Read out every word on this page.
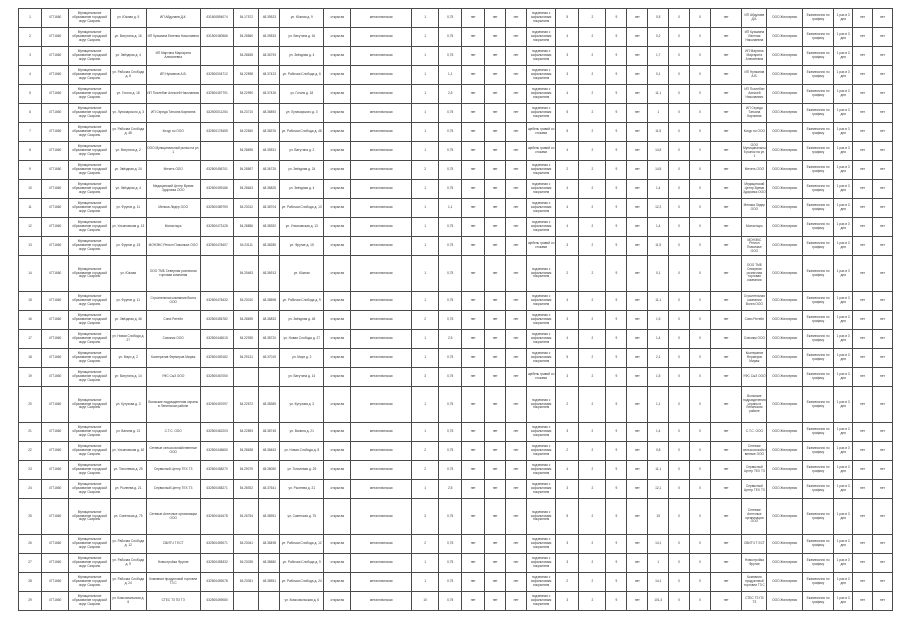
1	4771660	Муниципальное образование городской округ Сызрань	ул. Южная д. 9	ИП Абдулаев Д.К.	631600894074	54.17572	48.39523	ул. Южная д. 9	открытая	металлическая	1	0,75	нет	нет	нет	подземная с асфальтовым покрытием	5	2	9	нет	0,5	0	0	нет	ИП Абдулаев Д.К.	ООО Жилсервис	Ежемесячно по графику	1 раз в 3 дня	нет	нет
2	4771660	Муниципальное образование городской округ Сызрань	ул. Ватутина д. 16	ИП Кузьмина Евгения Николаевна	631500480566	54.28560	48.39533	ул. Ватутина д. 16	открытая	металлическая	1	0,75	нет	нет	нет	подземная с асфальтовым покрытием	4	2	9	нет	0,2	0	0	нет	ИП Кузьмина Евгения Николаевна	ООО Жилсервис	Ежемесячно по графику	1 раз в 3 дня	нет	нет
3	4771660	Муниципальное образование городской округ Сызрань	ул. Звёздная д. 4	ИП Мартина Маргарита Алексеевна		54.28635	48.36793	ул. Звёздная д. 4	открытая	металлическая	1	0,75	нет	нет	нет	подземная с асфальтовым покрытием	3	2	9	нет	1,7	0	0	нет	ИП Мартина Маргарита Алексеевна	ООО Жилсервис	Ежемесячно по графику	1 раз в 3 дня	нет	нет
4	4771660	Муниципальное образование городской округ Сызрань	ул. Рабочая Слобода д. 6	ИП Нугманов А.В.	632500004712	54.22598	48.37423	ул. Рабочая Слобода д. 6	открытая	металлическая	1	1,1	нет	нет	нет	подземная с асфальтовым покрытием	3	2	9	нет	0,1	0	0	нет	ИП Нугманов А.В.	ООО Жилсервис	Ежемесячно по графику	1 раз в 3 дня	нет	нет
5	4771660	Муниципальное образование городской округ Сызрань	ул. Гоголя д. 18	ИП Похлебин Алексей Николаевич	632500457791	54.22990	48.37426	ул. Гоголя д. 18	открытая	металлическая	1	2,5	нет	нет	нет	подземная с асфальтовым покрытием	4	2	9	нет	11,1	0	0	нет	ИП Похлебин Алексей Николаевич	ООО Жилсервис	Ежемесячно по графику	1 раз в 3 дня	нет	нет
6	4771660	Муниципальное образование городской округ Сызрань	ул. Луначарского д. 3	ИП Середа Татьяна Карповна	632500011254	54.23710	48.36893	ул. Луначарского д. 3	открытая	металлическая	1	0,75	нет	нет	нет	подземная с асфальтовым покрытием	5	2	9	нет	1	0	0	нет	ИП Середа Татьяна Карповна	ООО Жилсервис	Ежемесячно по графику	1 раз в 3 дня	нет	нет
7	4771660	Муниципальное образование городской округ Сызрань	ул. Рабочая Слобода д. 48	Кочур по ООО	632500178455	54.22840	48.38376	ул. Рабочая Слобода д. 48	открытая	металлическая	1	0,75	нет	нет	нет	щебень гравий со стоками	5	2	9	нет	11,5	0	0	нет	Кочур по ООО	ООО Жилсервис	Ежемесячно по графику	1 раз в 3 дня	нет	нет
8	4771660	Муниципальное образование городской округ Сызрань	ул. Ватутина д. 2	ООО Муниципальный рынок на ул. 1		54.28695	48.39531	ул. Ватутина д. 2	открытая	металлическая	1	0,75	нет	нет	нет	щебень гравий со стоками	4	2	9	нет	14,5	0	0	нет	ООО Муниципальный рынок на ул. 1	ООО Жилсервис	Ежемесячно по графику	1 раз в 3 дня	нет	нет
9	4771660	Муниципальное образование городской округ Сызрань	ул. Звёздная д. 24	Мечеть ООО	632500456701	54.28697	48.36725	ул. Звёздная д. 24	открытая	металлическая	2	0,75	нет	нет	нет	подземная с асфальтовым покрытием	2	2	9	нет	14,5	0	0	нет	Мечеть ООО	ООО Жилсервис	Ежемесячно по графику	1 раз в 3 дня	нет	нет
10	4771660	Муниципальное образование городской округ Сызрань	ул. Звёздная д. 4	Медицинский Центр Время Здоровья ООО	632500459186	54.28643	48.36825	ул. Звёздная д. 4	открытая	металлическая	1	0,75	нет	нет	нет	подземная с асфальтовым покрытием	4	2	9	нет	1,4	0	0	нет	Медицинский Центр Время Здоровья ООО	ООО Жилсервис	Ежемесячно по графику	1 раз в 3 дня	нет	нет
11	4771660	Муниципальное образование городской округ Сызрань	ул. Фрунзе д. 11	Мелика Лидер ООО	632500489759	54.23012	48.38704	ул. Рабочая Слобода д. 13	открытая	металлическая	1	1,1	нет	нет	нет	подземная с асфальтовым покрытием	4	2	9	нет	12,2	0	0	нет	Мелика Лидер ООО	ООО Жилсервис	Ежемесячно по графику	1 раз в 3 дня	нет	нет
12	4771660	Муниципальное образование городской округ Сызрань	ул. Ульяновская д. 13	Монастырь	632500473128	54.28856	48.38392	ул. Ульяновская д. 13	открытая	металлическая	1	0,75	нет	нет	нет	подземная с асфальтовым покрытием	4	2	9	нет	1,4	0	0	нет	Монастырь	ООО Жилсервис	Ежемесячно по графику	1 раз в 3 дня	нет	нет
13	4771660	Муниципальное образование городской округ Сызрань	ул. Фрунзе д. 15	МОНЭКС Регион Поволжье ООО	632500478407	54.23111	48.38285	ул. Фрунзе д. 15	открытая	металлическая	1	0,75	нет	нет	нет	щебень гравий со стоками	3	2	9	нет	11,5	0	0	нет	МОНЭКС Регион Поволжье ООО	ООО Жилсервис	Ежемесячно по графику	1 раз в 3 дня	нет	нет
14	4771660	Муниципальное образование городской округ Сызрань	ул. Южная	ООО ТМБ Северная розничная торговая компания		54.25463	48.36913	ул. Южная	открытая	металлическая	1	0,75	нет	нет	нет	подземная с асфальтовым покрытием	2	2	9	нет	0,1	0	0	нет	ООО ТМБ Северная розничная торговая компания	ООО Жилсервис	Ежемесячно по графику	1 раз в 3 дня	нет	нет
15	4771660	Муниципальное образование городской округ Сызрань	ул. Фрунзе д. 11	Строительная компания Волга ООО	632500478432	54.23010	48.38698	ул. Рабочая Слобода д. 9	открытая	металлическая	1	0,75	нет	нет	нет	подземная с асфальтовым покрытием	4	2	9	нет	11,1	0	0	нет	Строительная компания Волга ООО	ООО Жилсервис	Ежемесячно по графику	1 раз в 3 дня	нет	нет
16	4771660	Муниципальное образование городской округ Сызрань	ул. Звёздная д. 46	Союз Ритейл	632500456782	54.28695	48.36833	ул. Звёздная д. 46	открытая	металлическая	2	0,75	нет	нет	нет	подземная с асфальтовым покрытием	3	2	9	нет	1,5	0	0	нет	Союз Ритейл	ООО Жилсервис	Ежемесячно по графику	1 раз в 3 дня	нет	нет
17	4771660	Муниципальное образование городской округ Сызрань	ул. Новая Слобода д. 27	Союзник ООО	632500446015	54.22935	48.38720	ул. Новая Слобода д. 27	открытая	металлическая	1	2,5	нет	нет	нет	подземная с асфальтовым покрытием	4	2	9	нет	1,4	0	0	нет	Союзник ООО	ООО Жилсервис	Ежемесячно по графику	1 раз в 3 дня	нет	нет
18	4771660	Муниципальное образование городской округ Сызрань	ул. Марх д. 2	Кооператив Фермеров Мираж	632500459182	54.29131	48.37019	ул. Марх д. 2	открытая	металлическая	1	0,75	нет	нет	нет	подземная с асфальтовым покрытием	5	2	9	нет	2,1	0	0	нет	Кооператив Фермеров Мираж	ООО Жилсервис	Ежемесячно по графику	1 раз в 3 дня	нет	нет
19	4771660	Муниципальное образование городской округ Сызрань	ул. Ватутина д. 14	УФС СыЗ ООО	632500467050			ул. Ватутина д. 14	открытая	металлическая	3	0,75	нет	нет	нет	щебень гравий со стоками	3	2	9	нет	1,5	0	0	нет	УФС СыЗ ООО	ООО Жилсервис	Ежемесячно по графику	1 раз в 3 дня	нет	нет
20	4771660	Муниципальное образование городской округ Сызрань	ул. Кутузова д. 3	Волжские подразделения охраны в Ленинском районе	632500457097	54.22672	48.38389	ул. Кутузова д. 3	открытая	металлическая	1	0,75	нет	нет	нет	подземная с асфальтовым покрытием	2	2	9	нет	1,1	0	0	нет	Волжские подразделения охраны в Ленинском районе	ООО Жилсервис	Ежемесячно по графику	1 раз в 3 дня	нет	нет
21	4771660	Муниципальное образование городской округ Сызрань	ул. Ванина д. 21	С.Т.С. ООО	632500462203	54.22893	48.38745	ул. Ванина д. 21	открытая	металлическая	1	0,75	нет	нет	нет	подземная с асфальтовым покрытием	3	2	9	нет	1,4	0	0	нет	С.Т.С. ООО	ООО Жилсервис	Ежемесячно по графику	1 раз в 3 дня	нет	нет
22	4771660	Муниципальное образование городской округ Сызрань	ул. Ульяновская д. 62	Сетевые сельскохозяйственные ООО	632500445650	54.28638	48.38463	ул. Новая Слобода д. 8	открытая	металлическая	2	0,75	нет	нет	нет	подземная с асфальтовым покрытием	2	2	9	нет	0,8	0	0	нет	Сетевые сельскохозяйственные ООО	ООО Жилсервис	Ежемесячно по графику	1 раз в 3 дня	нет	нет
23	4771660	Муниципальное образование городской округ Сызрань	ул. Тополевая д. 25	Сервисный Центр ТЕХ Т3	632500458270	54.29079	48.38050	ул. Тополевая д. 25	открытая	металлическая	2	0,75	нет	нет	нет	подземная с асфальтовым покрытием	4	2	9	нет	11,1	0	0	нет	Сервисный Центр ТЕХ Т3	ООО Жилсервис	Ежемесячно по графику	1 раз в 3 дня	нет	нет
24	4771660	Муниципальное образование городской округ Сызрань	ул. Рылеева д. 21	Сервисный Центр ТЕХ ТЗ	632500458271	54.28922	48.37641	ул. Рылеева д. 21	открытая	металлическая	1	2,5	нет	нет	нет	подземная с асфальтовым покрытием	3	2	9	нет	12,1	0	0	нет	Сервисный Центр ТЕХ ТЗ	ООО Жилсервис	Ежемесячно по графику	1 раз в 3 дня	нет	нет
25	4771660	Муниципальное образование городской округ Сызрань	ул. Советская д. 75	Сетевые Аптечные организации ООО	632500461678	54.26754	48.38951	ул. Советская д. 75	открытая	металлическая	3	0,75	нет	нет	нет	подземная с асфальтовым покрытием	5	2	9	нет	15	0	0	нет	Сетевые Аптечные организации ООО	ООО Жилсервис	Ежемесячно по графику	1 раз в 3 дня	нет	нет
26	4771660	Муниципальное образование городской округ Сызрань	ул. Рабочая Слобода д. 12	СВИТЧ Т ЕСТ	632500459071	54.23041	48.38498	ул. Рабочая Слобода д. 12	открытая	металлическая	2	0,75	нет	нет	нет	подземная с асфальтовым покрытием	3	2	9	нет	14,1	0	0	нет	СВИТЧ Т ЕСТ	ООО Жилсервис	Ежемесячно по графику	1 раз в 3 дня	нет	нет
27	4771660	Муниципальное образование городской округ Сызрань	ул. Рабочая Слобода д. 9	Новостройка Фрунзе	632500458332	54.23035	48.38680	ул. Рабочая Слобода д. 9	открытая	металлическая	1	0,75	нет	нет	нет	подземная с асфальтовым покрытием	3	2	9	нет	1	0	0	нет	Новостройка Фрунзе	ООО Жилсервис	Ежемесячно по графику	1 раз в 3 дня	нет	нет
28	4771660	Муниципальное образование городской округ Сызрань	ул. Рабочая Слобода д. 24	Компания продуктовой торговли ТЗ С	632500459078	54.23051	48.38551	ул. Рабочая Слобода д. 24	открытая	металлическая	1	0,75	нет	нет	нет	подземная с асфальтовым покрытием	2	2	9	нет	14,1	0	0	нет	Компания продуктовой торговли ТЗ С	ООО Жилсервис	Ежемесячно по графику	1 раз в 3 дня	нет	нет
29	4771660	Муниципальное образование городской округ Сызрань	ул. Комсомольская д. 6	СТЕС ТЗ ПЗ ТЗ	632500459080			ул. Комсомольская д. 6	открытая	металлическая	10	0,75	нет	нет	нет	подземная с асфальтовым покрытием	3	2	9	нет	101,4	0	0	нет	СТЕС ТЗ ПЗ ТЗ	ООО Жилсервис	Ежемесячно по графику	1 раз в 3 дня	нет	нет
